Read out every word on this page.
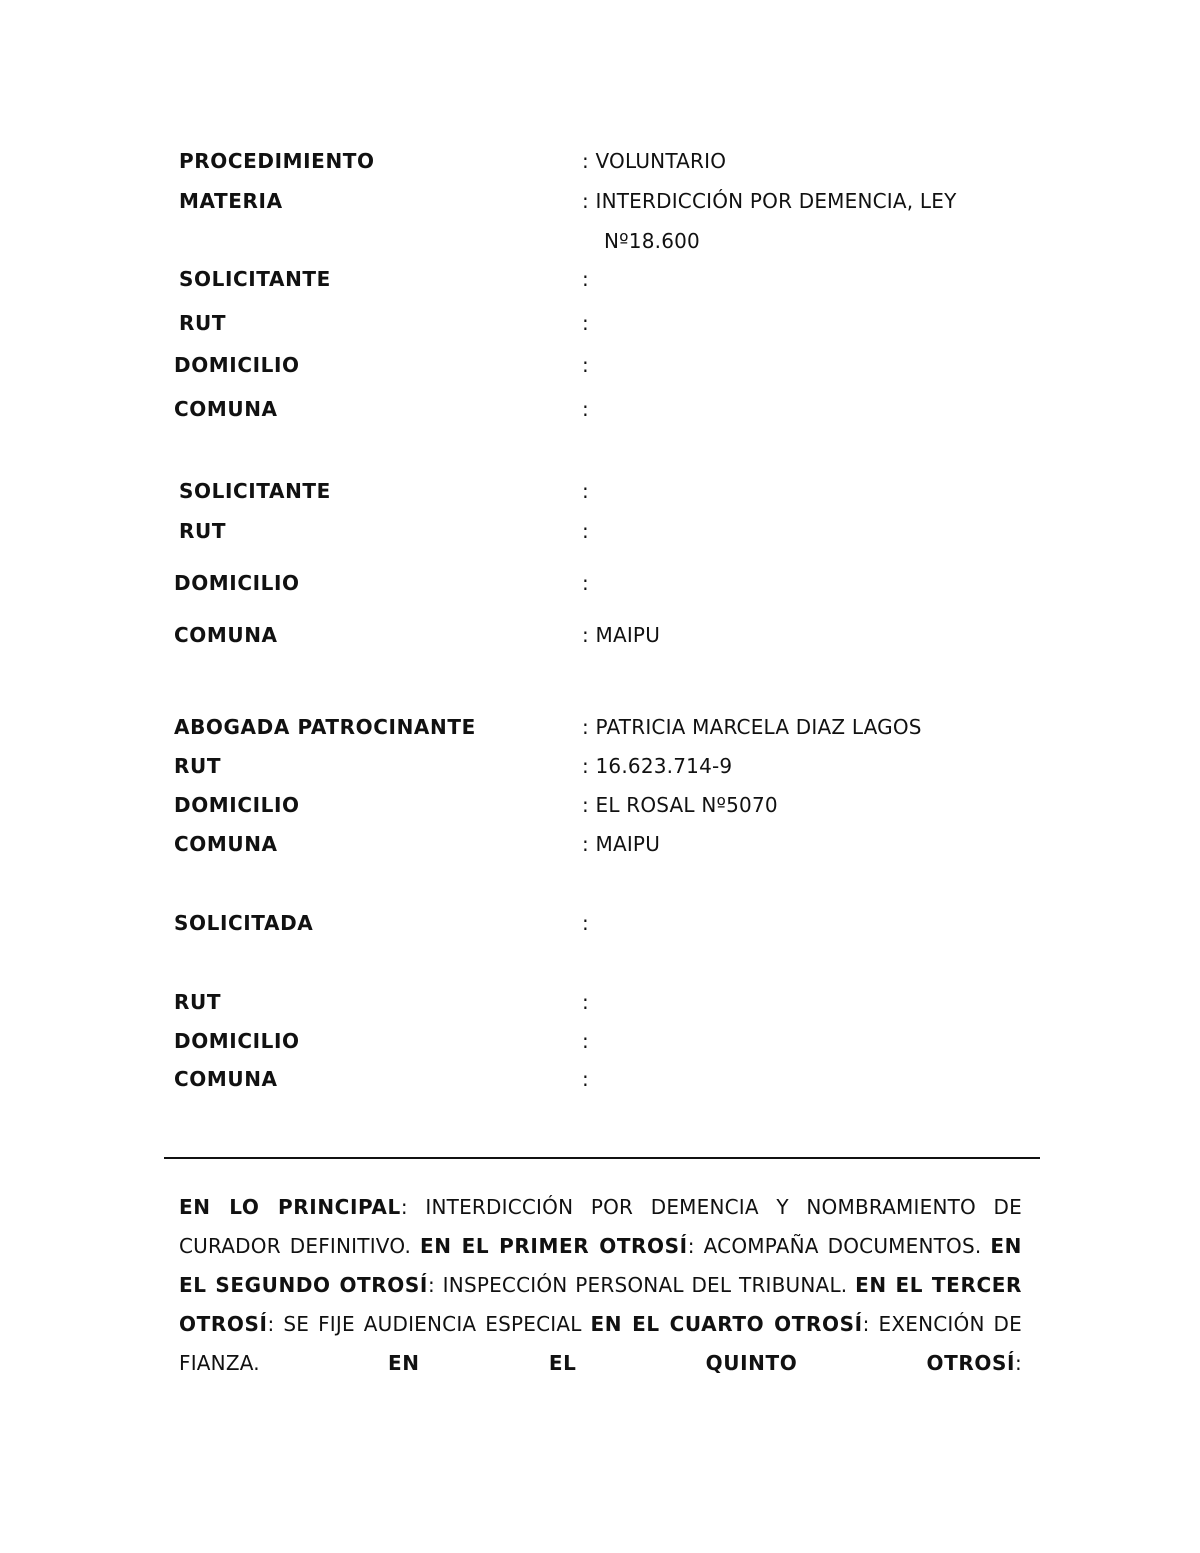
PROCEDIMIENTO	: VOLUNTARIO
MATERIA	: INTERDICCIÓN POR DEMENCIA, LEY
Nº18.600
SOLICITANTE	:
RUT	:
DOMICILIO	:
COMUNA	:
SOLICITANTE	:
RUT	:
DOMICILIO	:
COMUNA	: MAIPU
ABOGADA PATROCINANTE	: PATRICIA MARCELA DIAZ LAGOS
RUT	: 16.623.714-9
DOMICILIO	: EL ROSAL Nº5070
COMUNA	: MAIPU
SOLICITADA	:
RUT	:
DOMICILIO	:
COMUNA	:

EN LO PRINCIPAL: INTERDICCIÓN POR DEMENCIA Y NOMBRAMIENTO DE CURADOR DEFINITIVO. EN EL PRIMER OTROSÍ: ACOMPAÑA DOCUMENTOS. EN EL SEGUNDO OTROSÍ: INSPECCIÓN PERSONAL DEL TRIBUNAL. EN EL TERCER OTROSÍ: SE FIJE AUDIENCIA ESPECIAL EN EL CUARTO OTROSÍ: EXENCIÓN DE FIANZA. EN EL QUINTO OTROSÍ:
